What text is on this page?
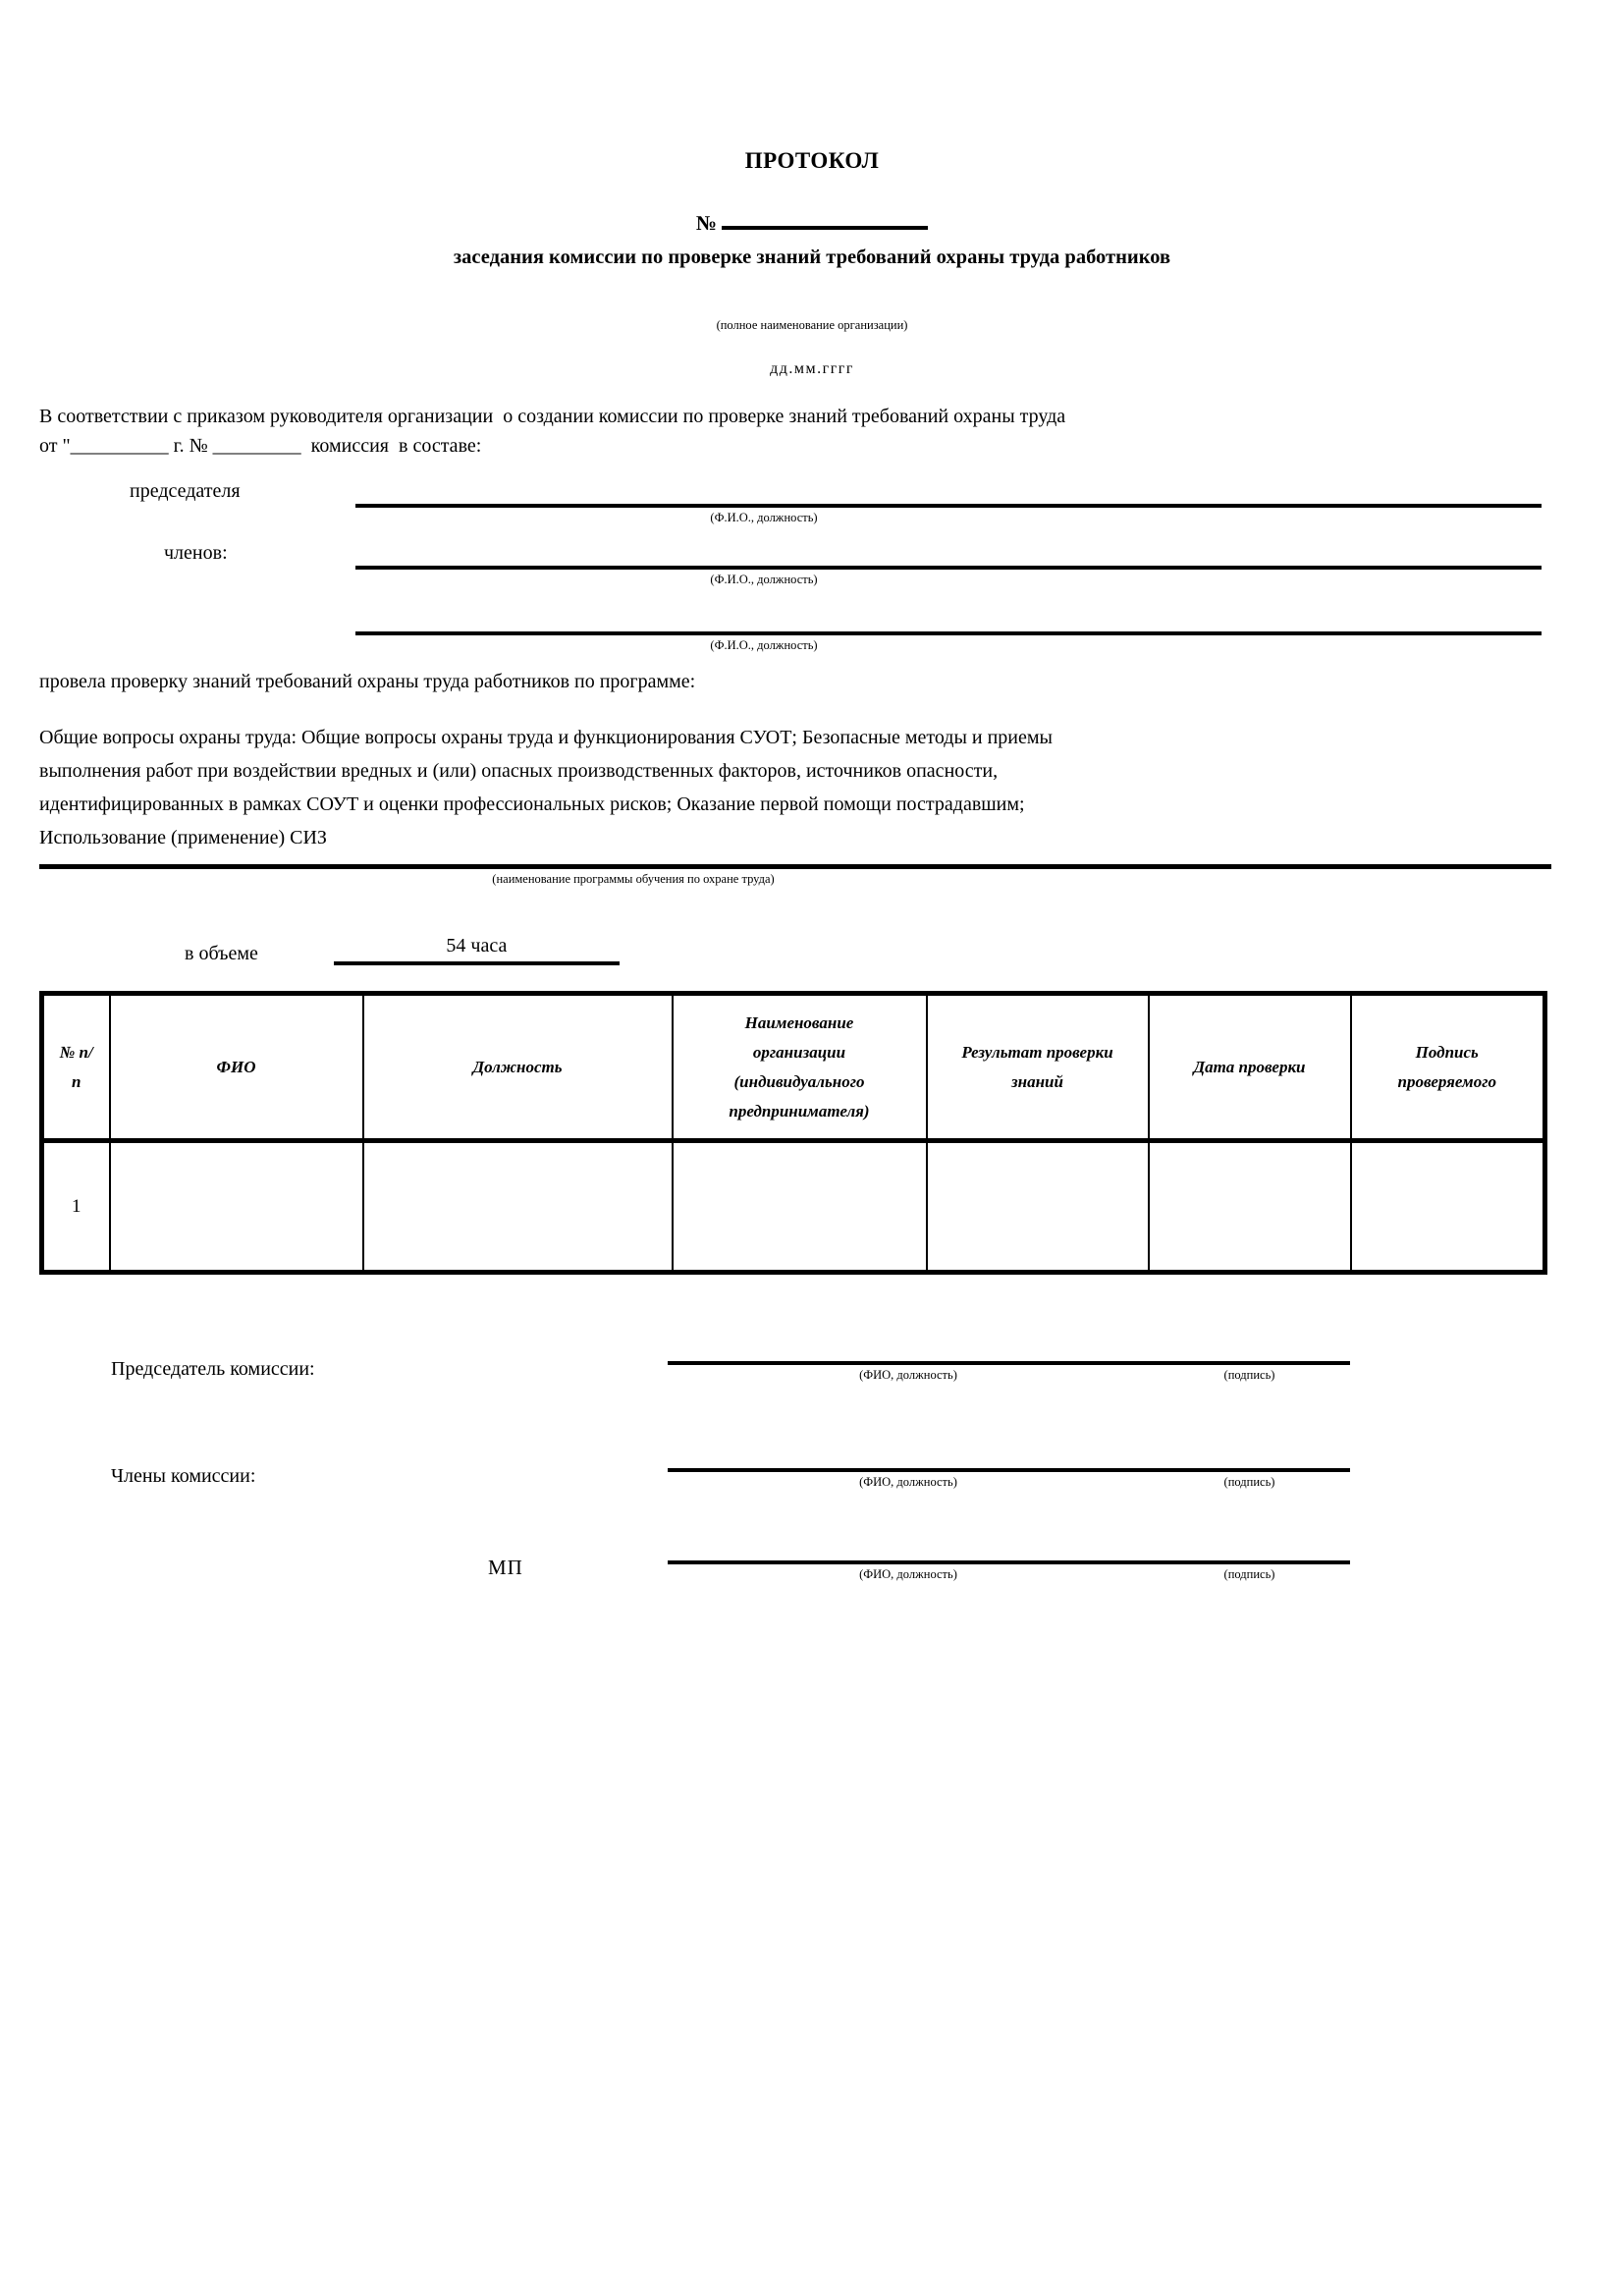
ПРОТОКОЛ
№
заседания комиссии по проверке знаний требований охраны труда работников
(полное наименование организации)
дд.мм.гггг
В соответствии с приказом руководителя организации  о создании комиссии по проверке знаний требований охраны труда
от "__________ г. № _________  комиссия  в составе:
председателя
(Ф.И.О., должность)
членов:
(Ф.И.О., должность)
(Ф.И.О., должность)
провела проверку знаний требований охраны труда работников по программе:
Общие вопросы охраны труда: Общие вопросы охраны труда и функционирования СУОТ; Безопасные методы и приемы
выполнения работ при воздействии вредных и (или) опасных производственных факторов, источников опасности,
идентифицированных в рамках СОУТ и оценки профессиональных рисков; Оказание первой помощи пострадавшим;
Использование (применение) СИЗ
(наименование программы обучения по охране труда)
в объеме	54 часа
№ п/п	ФИО	Должность	Наименование организации (индивидуального предпринимателя)	Результат проверки знаний	Дата проверки	Подпись проверяемого
1						
Председатель комиссии:	(ФИО, должность)	(подпись)
Члены комиссии:	(ФИО, должность)	(подпись)
МП	(ФИО, должность)	(подпись)
